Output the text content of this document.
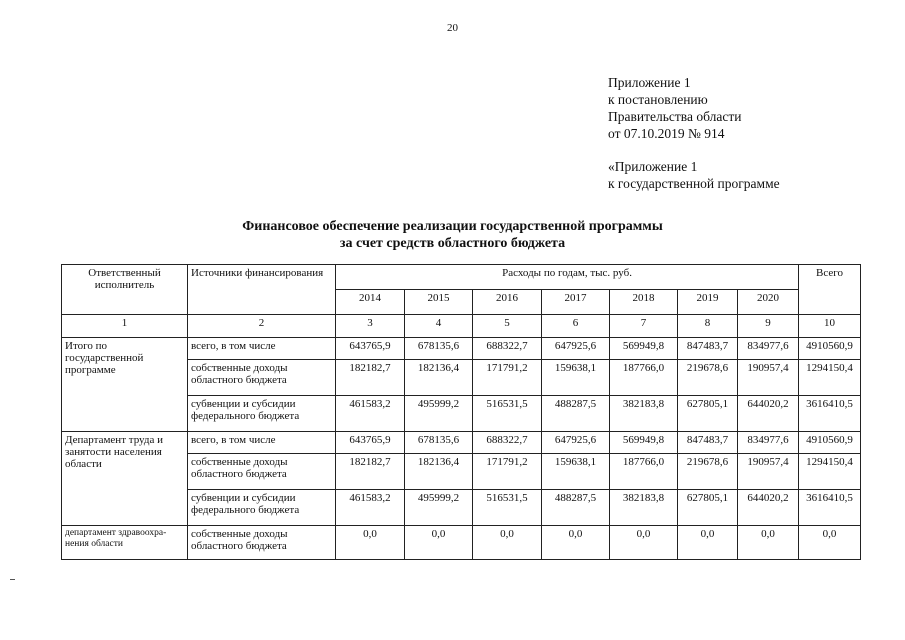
20
Приложение 1
к постановлению
Правительства области
от 07.10.2019 № 914
«Приложение 1
к государственной программе
Финансовое обеспечение реализации государственной программы
за счет средств областного бюджета
Ответственный исполнитель	Источники финансирования	Расходы по годам, тыс. руб.							Всего
		2014	2015	2016	2017	2018	2019	2020	
1	2	3	4	5	6	7	8	9	10
Итого по государственной программе	всего, в том числе	643765,9	678135,6	688322,7	647925,6	569949,8	847483,7	834977,6	4910560,9
	собственные доходы областного бюджета	182182,7	182136,4	171791,2	159638,1	187766,0	219678,6	190957,4	1294150,4
	субвенции и субсидии федерального бюджета	461583,2	495999,2	516531,5	488287,5	382183,8	627805,1	644020,2	3616410,5
Департамент труда и занятости населения области	всего, в том числе	643765,9	678135,6	688322,7	647925,6	569949,8	847483,7	834977,6	4910560,9
	собственные доходы областного бюджета	182182,7	182136,4	171791,2	159638,1	187766,0	219678,6	190957,4	1294150,4
	субвенции и субсидии федерального бюджета	461583,2	495999,2	516531,5	488287,5	382183,8	627805,1	644020,2	3616410,5
департамент здравоохра-нения области	собственные доходы областного бюджета	0,0	0,0	0,0	0,0	0,0	0,0	0,0	0,0
